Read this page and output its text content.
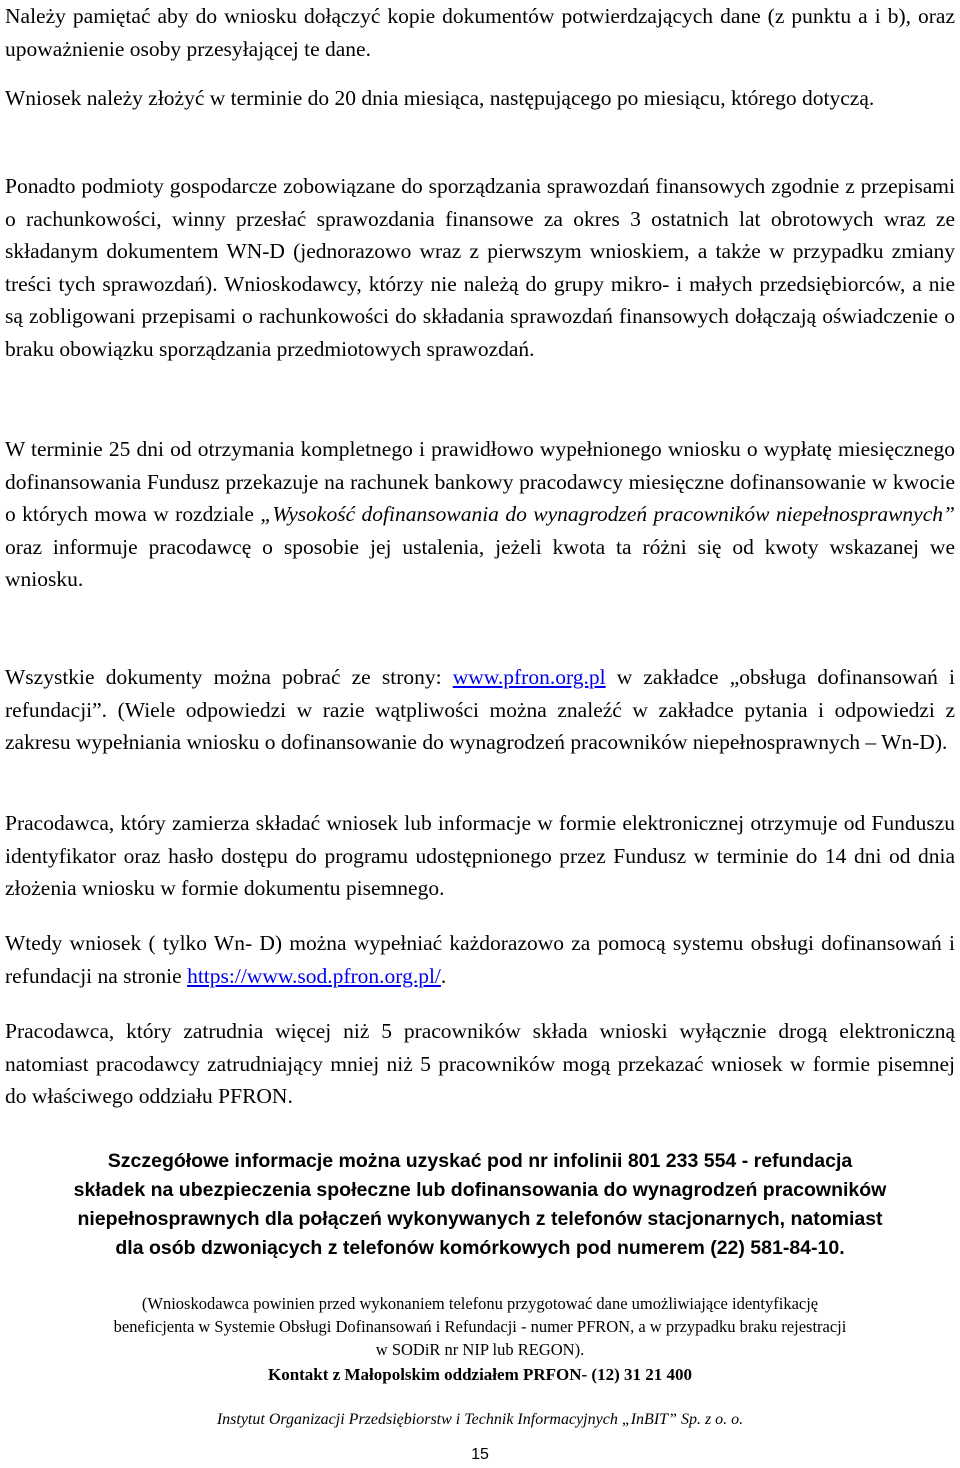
Należy pamiętać aby do wniosku dołączyć kopie dokumentów potwierdzających dane (z punktu a i b), oraz upoważnienie osoby przesyłającej te dane.

Wniosek należy złożyć w terminie do 20 dnia miesiąca, następującego po miesiącu, którego dotyczą.

Ponadto podmioty gospodarcze zobowiązane do sporządzania sprawozdań finansowych zgodnie z przepisami o rachunkowości, winny przesłać sprawozdania finansowe za okres 3 ostatnich lat obrotowych wraz ze składanym dokumentem WN-D (jednorazowo wraz z pierwszym wnioskiem, a także w przypadku zmiany treści tych sprawozdań). Wnioskodawcy, którzy nie należą do grupy mikro- i małych przedsiębiorców, a nie są zobligowani przepisami o rachunkowości do składania sprawozdań finansowych dołączają oświadczenie o braku obowiązku sporządzania przedmiotowych sprawozdań.

W terminie 25 dni od otrzymania kompletnego i prawidłowo wypełnionego wniosku o wypłatę miesięcznego dofinansowania Fundusz przekazuje na rachunek bankowy pracodawcy miesięczne dofinansowanie w kwocie o których mowa w rozdziale „Wysokość dofinansowania do wynagrodzeń pracowników niepełnosprawnych” oraz informuje pracodawcę o sposobie jej ustalenia, jeżeli kwota ta różni się od kwoty wskazanej we wniosku.

Wszystkie dokumenty można pobrać ze strony: www.pfron.org.pl w zakładce „obsługa dofinansowań i refundacji”. (Wiele odpowiedzi w razie wątpliwości można znaleźć w zakładce pytania i odpowiedzi z zakresu wypełniania wniosku o dofinansowanie do wynagrodzeń pracowników niepełnosprawnych – Wn-D).

Pracodawca, który zamierza składać wniosek lub informacje w formie elektronicznej otrzymuje od Funduszu identyfikator oraz hasło dostępu do programu udostępnionego przez Fundusz w terminie do 14 dni od dnia złożenia wniosku w formie dokumentu pisemnego.

Wtedy wniosek ( tylko Wn- D) można wypełniać każdorazowo za pomocą systemu obsługi dofinansowań i refundacji na stronie https://www.sod.pfron.org.pl/.

Pracodawca, który zatrudnia więcej niż 5 pracowników składa wnioski wyłącznie drogą elektroniczną natomiast pracodawcy zatrudniający mniej niż 5 pracowników mogą przekazać wniosek w formie pisemnej do właściwego oddziału PFRON.

Szczegółowe informacje można uzyskać pod nr infolinii 801 233 554 - refundacja

składek na ubezpieczenia społeczne lub dofinansowania do wynagrodzeń pracowników

niepełnosprawnych dla połączeń wykonywanych z telefonów stacjonarnych, natomiast

dla osób dzwoniących z telefonów komórkowych pod numerem (22) 581-84-10.

(Wnioskodawca powinien przed wykonaniem telefonu przygotować dane umożliwiające identyfikację

beneficjenta w Systemie Obsługi Dofinansowań i Refundacji - numer PFRON, a w przypadku braku rejestracji

w SODiR nr NIP lub REGON).

Kontakt z Małopolskim oddziałem PRFON- (12) 31 21 400

Instytut Organizacji Przedsiębiorstw i Technik Informacyjnych „InBIT” Sp. z o. o.

15
